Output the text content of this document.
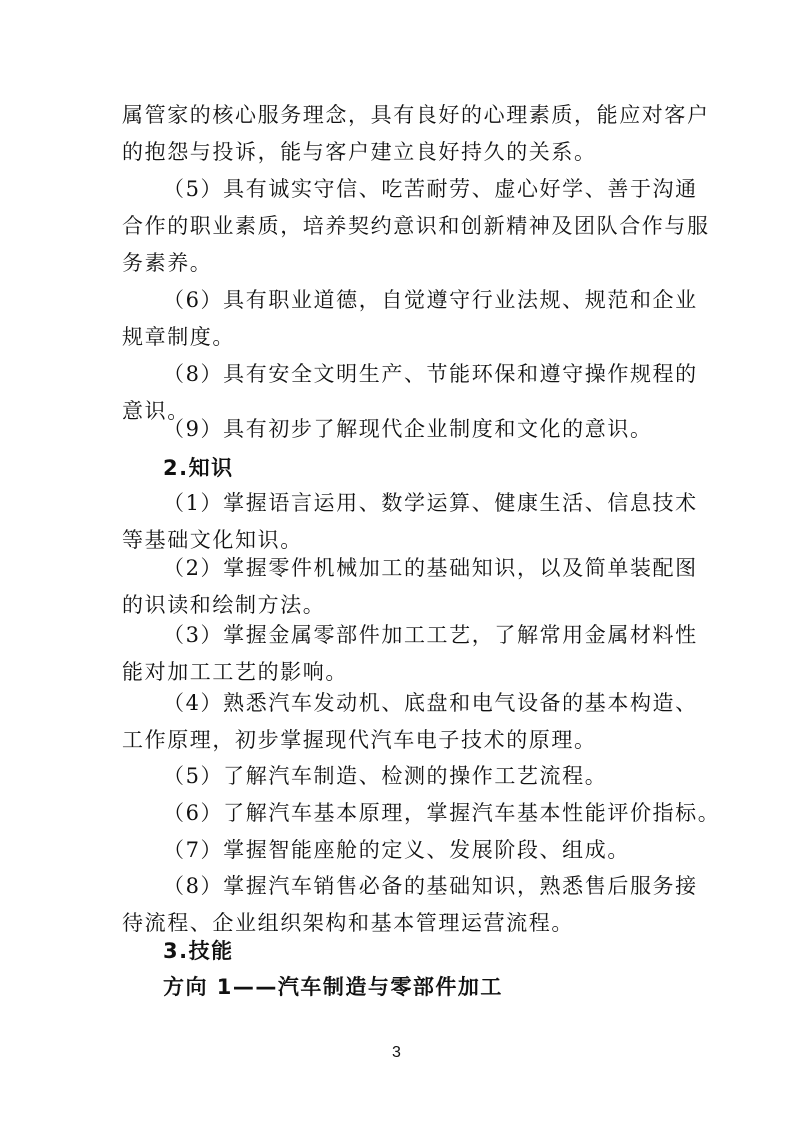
属管家的核心服务理念，具有良好的心理素质，能应对客户
的抱怨与投诉，能与客户建立良好持久的关系。
（5）具有诚实守信、吃苦耐劳、虚心好学、善于沟通
合作的职业素质，培养契约意识和创新精神及团队合作与服
务素养。
（6）具有职业道德，自觉遵守行业法规、规范和企业
规章制度。
（8）具有安全文明生产、节能环保和遵守操作规程的
意识。
（9）具有初步了解现代企业制度和文化的意识。
2.知识
（1）掌握语言运用、数学运算、健康生活、信息技术
等基础文化知识。
（2）掌握零件机械加工的基础知识，以及简单装配图
的识读和绘制方法。
（3）掌握金属零部件加工工艺，了解常用金属材料性
能对加工工艺的影响。
（4）熟悉汽车发动机、底盘和电气设备的基本构造、
工作原理，初步掌握现代汽车电子技术的原理。
（5）了解汽车制造、检测的操作工艺流程。
（6）了解汽车基本原理，掌握汽车基本性能评价指标。
（7）掌握智能座舱的定义、发展阶段、组成。
（8）掌握汽车销售必备的基础知识，熟悉售后服务接
待流程、企业组织架构和基本管理运营流程。
3.技能
方向 1——汽车制造与零部件加工
3
